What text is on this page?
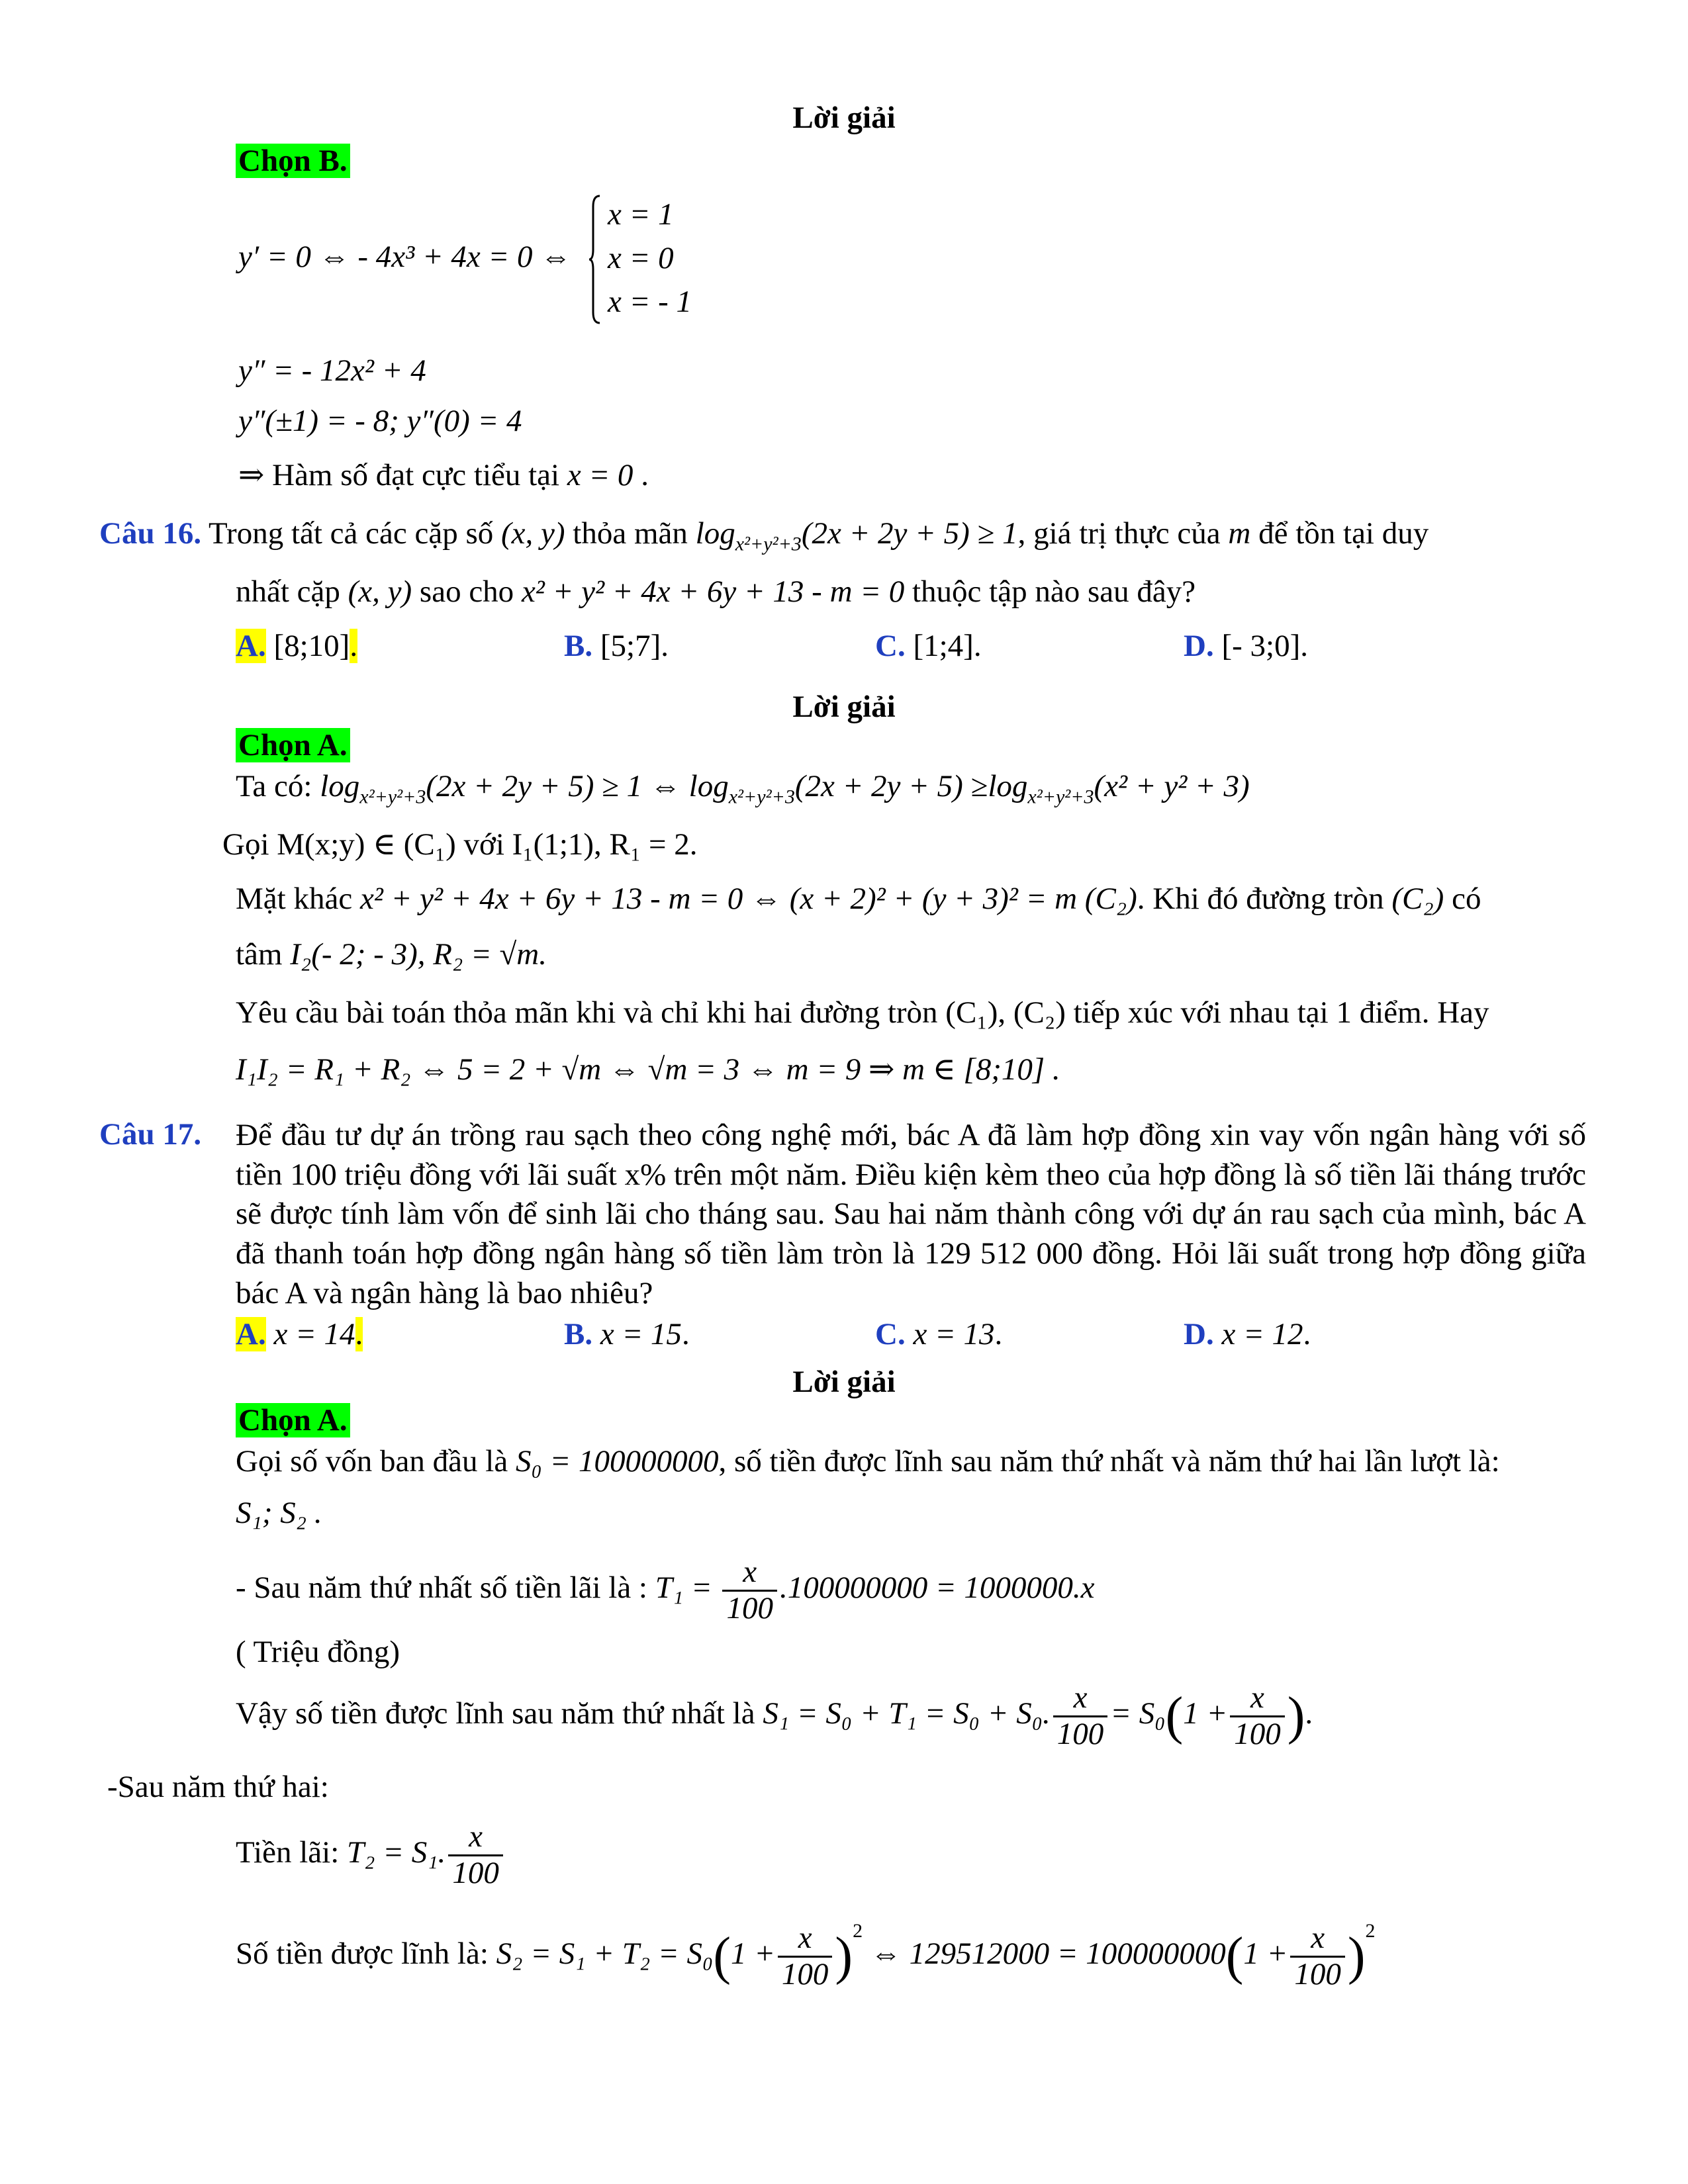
Lời giải
Chọn B.
y′ = 0 ⇔ - 4x³ + 4x = 0 ⇔
x = 1
x = 0
x = - 1
y″ = - 12x² + 4
y″(±1) = - 8; y″(0) = 4
⇒ Hàm số đạt cực tiểu tại x = 0 .
Câu 16. Trong tất cả các cặp số (x, y) thỏa mãn $\log_{x^2+y^2+3}(2x + 2y + 5) \ge 1$, giá trị thực của m để tồn tại duy
nhất cặp (x, y) sao cho x² + y² + 4x + 6y + 13 - m = 0 thuộc tập nào sau đây?
A. [8;10].	B. [5;7].	C. [1;4].	D. [- 3;0].
Lời giải
Chọn A.
Ta có: $\log_{x^2+y^2+3}(2x + 2y + 5) \ge 1$ ⇔ $\log_{x^2+y^2+3}(2x + 2y + 5) \ge\log_{x^2+y^2+3}(x^2 + y^2 + 3)$
Gọi M(x;y) ∈ (C₁) với I₁(1;1), R₁ = 2.
Mặt khác x² + y² + 4x + 6y + 13 - m = 0 ⇔ (x + 2)² + (y + 3)² = m (C₂). Khi đó đường tròn (C₂) có
tâm I₂(- 2; - 3), R₂ = √m.
Yêu cầu bài toán thỏa mãn khi và chỉ khi hai đường tròn (C₁), (C₂) tiếp xúc với nhau tại 1 điểm. Hay
I₁I₂ = R₁ + R₂ ⇔ 5 = 2 + √m ⇔ √m = 3 ⇔ m = 9 ⇒ m ∈ [8;10] .
Câu 17. Để đầu tư dự án trồng rau sạch theo công nghệ mới, bác A đã làm hợp đồng xin vay vốn ngân hàng với số tiền 100 triệu đồng với lãi suất x% trên một năm. Điều kiện kèm theo của hợp đồng là số tiền lãi tháng trước sẽ được tính làm vốn để sinh lãi cho tháng sau. Sau hai năm thành công với dự án rau sạch của mình, bác A đã thanh toán hợp đồng ngân hàng số tiền làm tròn là 129 512 000 đồng. Hỏi lãi suất trong hợp đồng giữa bác A và ngân hàng là bao nhiêu?
A. x = 14.	B. x = 15.	C. x = 13.	D. x = 12.
Lời giải
Chọn A.
Gọi số vốn ban đầu là S₀ = 100000000, số tiền được lĩnh sau năm thứ nhất và năm thứ hai lần lượt là:
S₁; S₂ .
- Sau năm thứ nhất số tiền lãi là : $T_1 = \frac{x}{100} .100000000 = 1000000.x$
( Triệu đồng)
Vậy số tiền được lĩnh sau năm thứ nhất là S₁ = S₀ + T₁ = S₀ + S₀. $\frac{x}{100} = S_0(1 + \frac{x}{100}$ ).
-Sau năm thứ hai:
Tiền lãi: T₂ = S₁. $\frac{x}{100}$
Số tiền được lĩnh là: $S_2 = S_1 + T_2 = S_0(1 + \frac{x}{100} )^2$ ⇔ $129512000 = 100000000(1 + \frac{x}{100} )^2$
